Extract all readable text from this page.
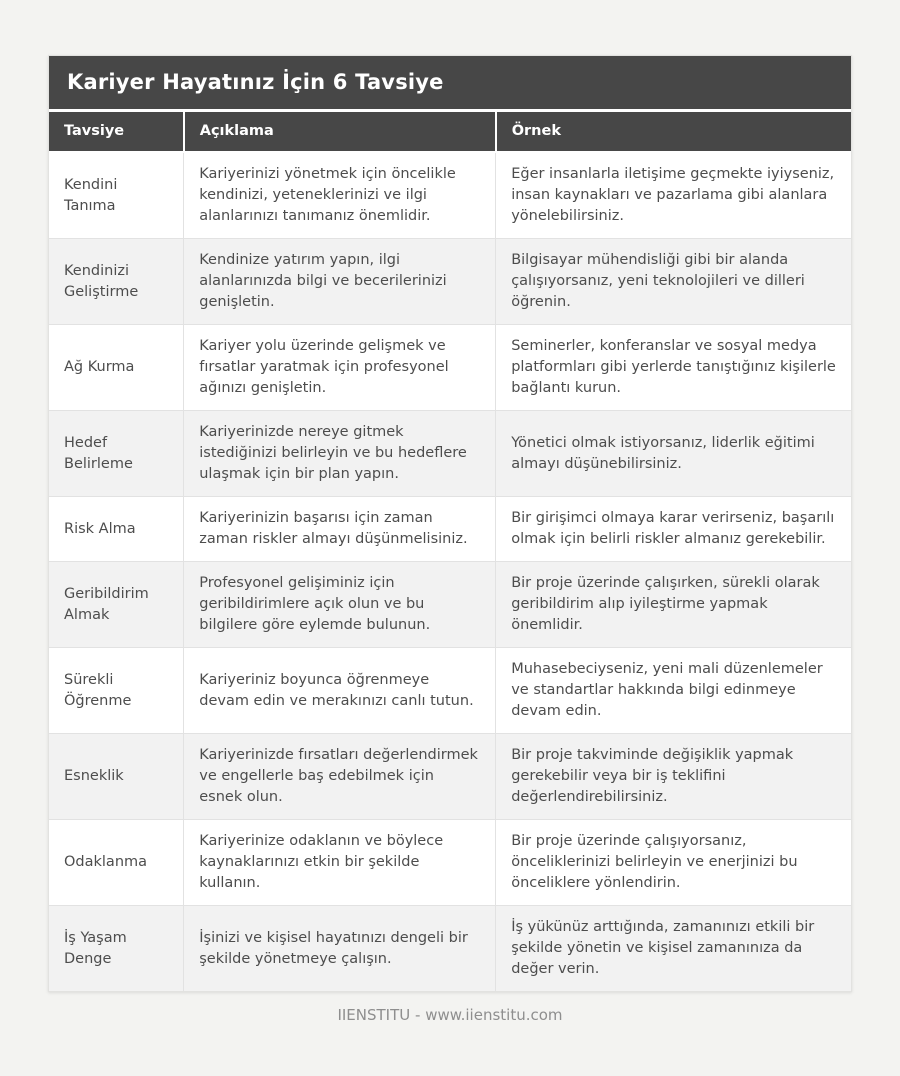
Kariyer Hayatınız İçin 6 Tavsiye
Tavsiye	Açıklama	Örnek
Kendini Tanıma	Kariyerinizi yönetmek için öncelikle kendinizi, yeteneklerinizi ve ilgi alanlarınızı tanımanız önemlidir.	Eğer insanlarla iletişime geçmekte iyiyseniz, insan kaynakları ve pazarlama gibi alanlara yönelebilirsiniz.
Kendinizi Geliştirme	Kendinize yatırım yapın, ilgi alanlarınızda bilgi ve becerilerinizi genişletin.	Bilgisayar mühendisliği gibi bir alanda çalışıyorsanız, yeni teknolojileri ve dilleri öğrenin.
Ağ Kurma	Kariyer yolu üzerinde gelişmek ve fırsatlar yaratmak için profesyonel ağınızı genişletin.	Seminerler, konferanslar ve sosyal medya platformları gibi yerlerde tanıştığınız kişilerle bağlantı kurun.
Hedef Belirleme	Kariyerinizde nereye gitmek istediğinizi belirleyin ve bu hedeflere ulaşmak için bir plan yapın.	Yönetici olmak istiyorsanız, liderlik eğitimi almayı düşünebilirsiniz.
Risk Alma	Kariyerinizin başarısı için zaman zaman riskler almayı düşünmelisiniz.	Bir girişimci olmaya karar verirseniz, başarılı olmak için belirli riskler almanız gerekebilir.
Geribildirim Almak	Profesyonel gelişiminiz için geribildirimlere açık olun ve bu bilgilere göre eylemde bulunun.	Bir proje üzerinde çalışırken, sürekli olarak geribildirim alıp iyileştirme yapmak önemlidir.
Sürekli Öğrenme	Kariyeriniz boyunca öğrenmeye devam edin ve merakınızı canlı tutun.	Muhasebeciyseniz, yeni mali düzenlemeler ve standartlar hakkında bilgi edinmeye devam edin.
Esneklik	Kariyerinizde fırsatları değerlendirmek ve engellerle baş edebilmek için esnek olun.	Bir proje takviminde değişiklik yapmak gerekebilir veya bir iş teklifini değerlendirebilirsiniz.
Odaklanma	Kariyerinize odaklanın ve böylece kaynaklarınızı etkin bir şekilde kullanın.	Bir proje üzerinde çalışıyorsanız, önceliklerinizi belirleyin ve enerjinizi bu önceliklere yönlendirin.
İş Yaşam Denge	İşinizi ve kişisel hayatınızı dengeli bir şekilde yönetmeye çalışın.	İş yükünüz arttığında, zamanınızı etkili bir şekilde yönetin ve kişisel zamanınıza da değer verin.
IIENSTITU - www.iienstitu.com
